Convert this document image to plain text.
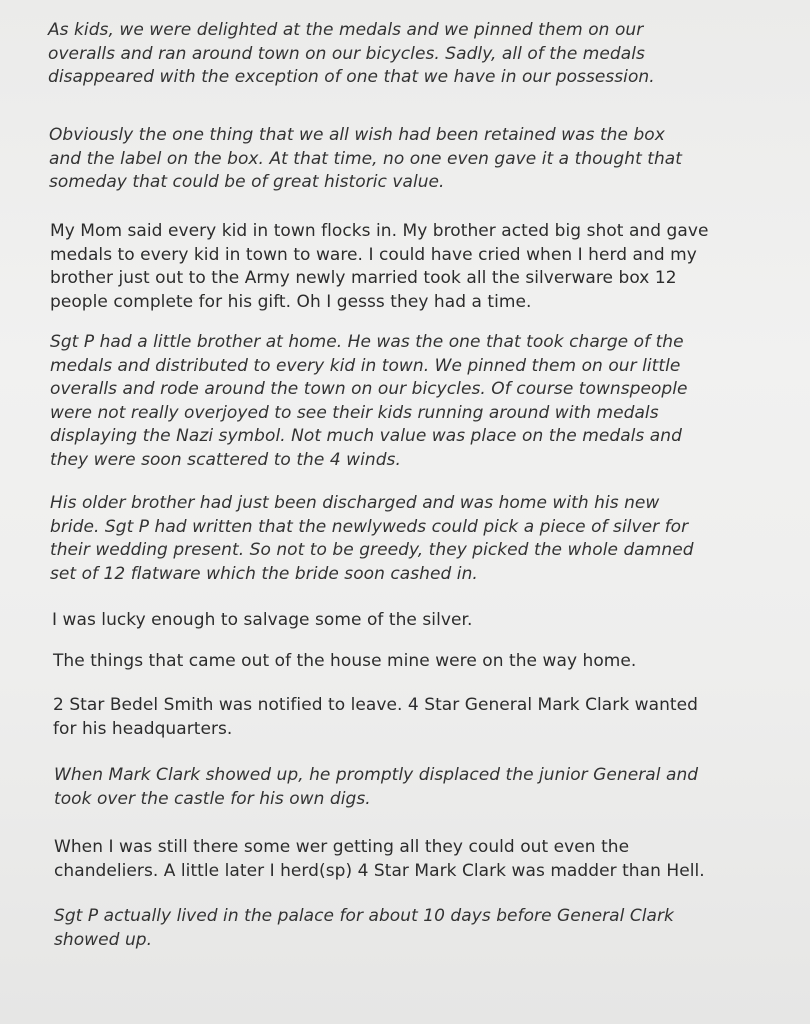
As kids, we were delighted at the medals and we pinned them on our
overalls and ran around town on our bicycles. Sadly, all of the medals
disappeared with the exception of one that we have in our possession.

Obviously the one thing that we all wish had been retained was the box
and the label on the box. At that time, no one even gave it a thought that
someday that could be of great historic value.

My Mom said every kid in town flocks in. My brother acted big shot and gave
medals to every kid in town to ware. I could have cried when I herd and my
brother just out to the Army newly married took all the silverware box 12
people complete for his gift. Oh I gesss they had a time.

Sgt P had a little brother at home. He was the one that took charge of the
medals and distributed to every kid in town. We pinned them on our little
overalls and rode around the town on our bicycles. Of course townspeople
were not really overjoyed to see their kids running around with medals
displaying the Nazi symbol. Not much value was place on the medals and
they were soon scattered to the 4 winds.

His older brother had just been discharged and was home with his new
bride. Sgt P had written that the newlyweds could pick a piece of silver for
their wedding present. So not to be greedy, they picked the whole damned
set of 12 flatware which the bride soon cashed in.

I was lucky enough to salvage some of the silver.

The things that came out of the house mine were on the way home.

2 Star Bedel Smith was notified to leave. 4 Star General Mark Clark wanted
for his headquarters.

When Mark Clark showed up, he promptly displaced the junior General and
took over the castle for his own digs.

When I was still there some wer getting all they could out even the
chandeliers. A little later I herd(sp) 4 Star Mark Clark was madder than Hell.

Sgt P actually lived in the palace for about 10 days before General Clark
showed up.
